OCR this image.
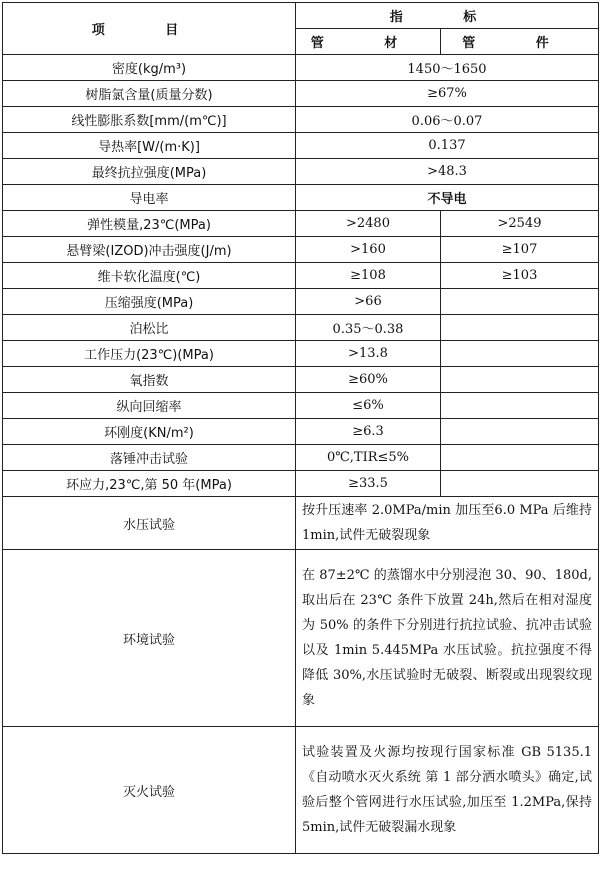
项 目	指 标	
	管 材	管 件
密度(kg/m³)	1450～1650	
树脂氯含量(质量分数)	≥67%	
线性膨胀系数[mm/(m℃)]	0.06～0.07	
导热率[W/(m·K)]	0.137	
最终抗拉强度(MPa)	>48.3	
导电率	不导电	
弹性模量,23℃(MPa)	>2480	>2549
悬臂梁(IZOD)冲击强度(J/m)	>160	≥107
维卡软化温度(℃)	≥108	≥103
压缩强度(MPa)	>66	
泊松比	0.35～0.38	
工作压力(23℃)(MPa)	>13.8	
氧指数	≥60%	
纵向回缩率	≤6%	
环刚度(KN/m²)	≥6.3	
落锤冲击试验	0℃,TIR≤5%	
环应力,23℃,第 50 年(MPa)	≥33.5	
水压试验	按升压速率 2.0MPa/min 加压至6.0 MPa 后维持 1min,试件无破裂现象	
环境试验	在 87±2℃ 的蒸馏水中分别浸泡 30、90、180d,取出后在 23℃ 条件下放置 24h,然后在相对湿度为 50% 的条件下分别进行抗拉试验、抗冲击试验以及 1min 5.445MPa 水压试验。抗拉强度不得降低 30%,水压试验时无破裂、断裂或出现裂纹现象	
灭火试验	试验装置及火源均按现行国家标准 GB 5135.1《自动喷水灭火系统 第 1 部分洒水喷头》确定,试验后整个管网进行水压试验,加压至 1.2MPa,保持 5min,试件无破裂漏水现象	
